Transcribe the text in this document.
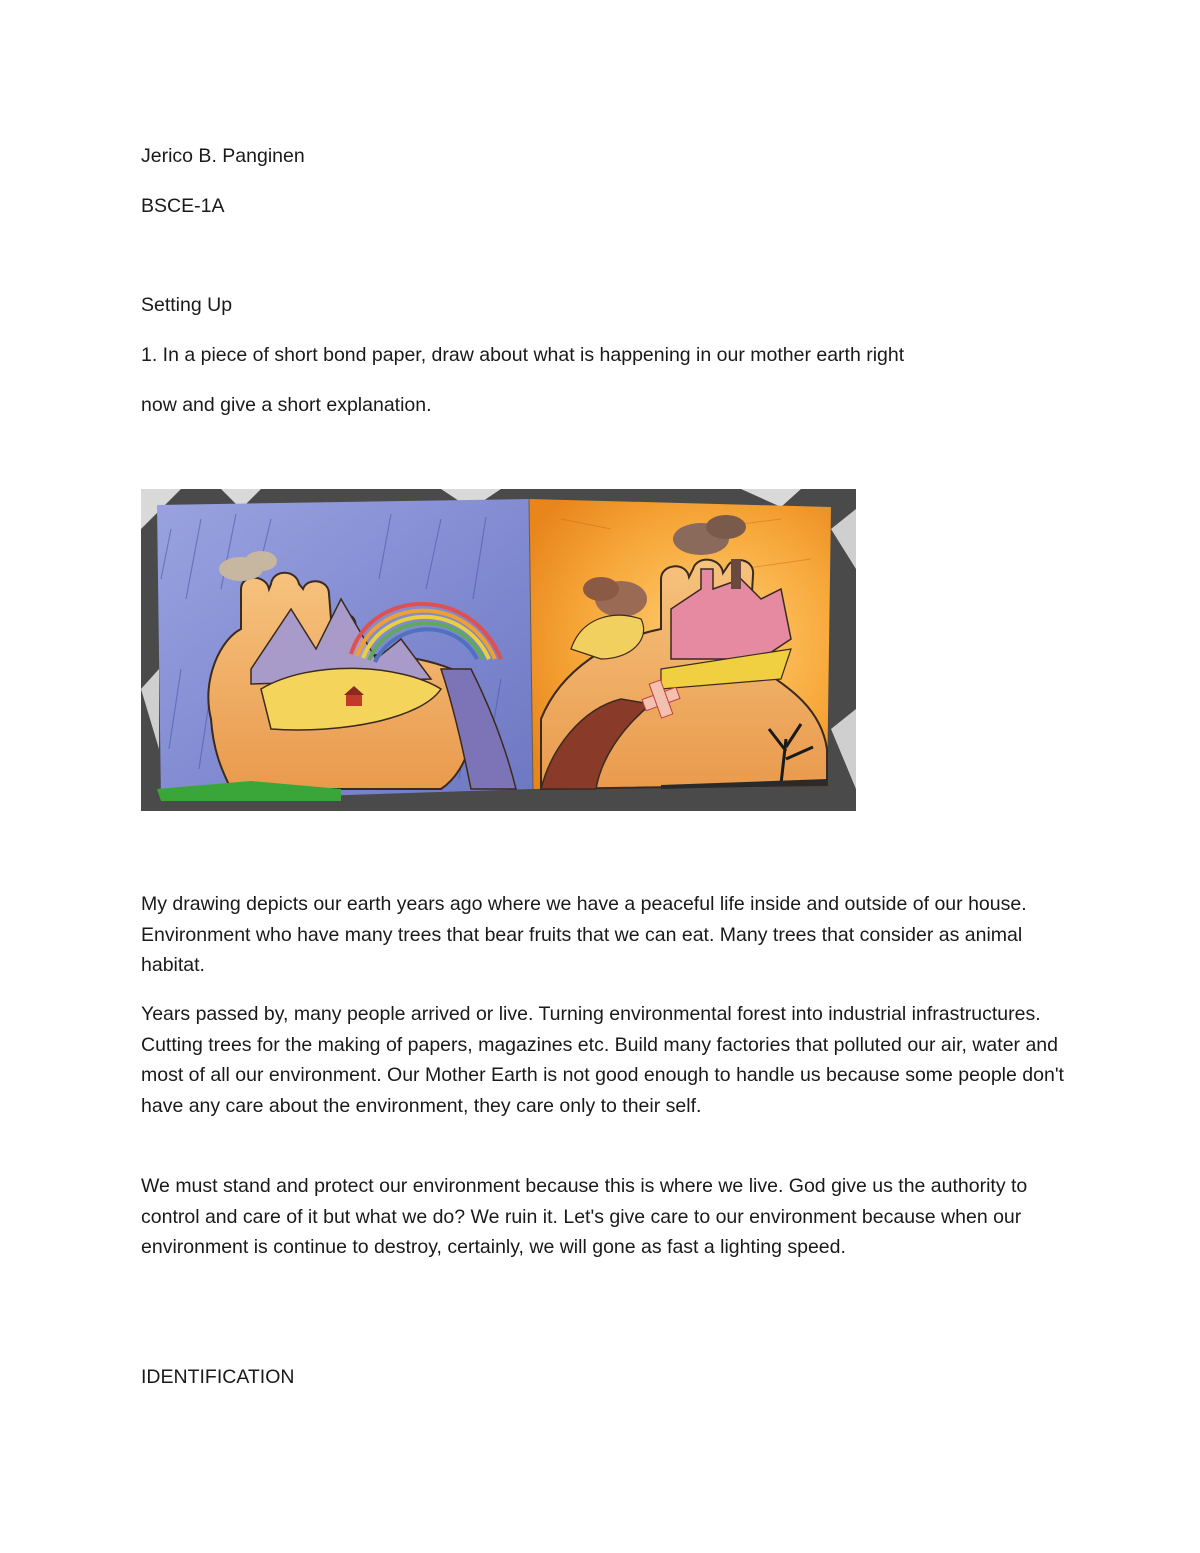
Jerico B. Panginen
BSCE-1A
Setting Up
1. In a piece of short bond paper, draw about what is happening in our mother earth right
now and give a short explanation.
My drawing depicts our earth years ago where we have a peaceful life inside and outside of our house. Environment who have many trees that bear fruits that we can eat. Many trees that consider as animal habitat.
Years passed by, many people arrived or live. Turning environmental forest into industrial infrastructures. Cutting trees for the making of papers, magazines etc. Build many factories that polluted our air, water and most of all our environment. Our Mother Earth is not good enough to handle us because some people don't have any care about the environment, they care only to their self.
We must stand and protect our environment because this is where we live. God give us the authority to control and care of it but what we do? We ruin it. Let's give care to our environment because when our environment is continue to destroy, certainly, we will gone as fast a lighting speed.
IDENTIFICATION
